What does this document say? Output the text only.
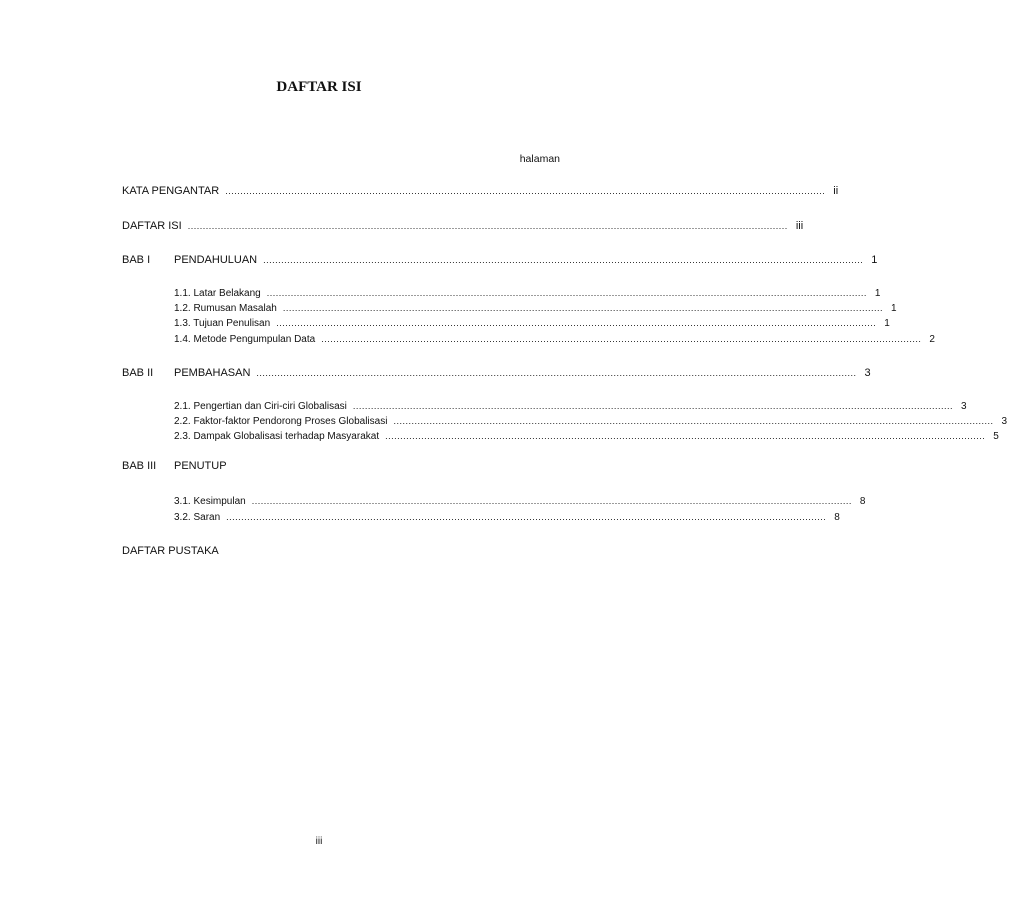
DAFTAR ISI
halaman
KATA PENGANTAR ........................................................................................................................................................................................................ ii
DAFTAR ISI ........................................................................................................................................................................................................ iii
BAB I	PENDAHULUAN ........................................................................................................................................................................................................ 1
1.1. Latar Belakang ........................................................................................................................................................................................................ 1
1.2. Rumusan Masalah ........................................................................................................................................................................................................ 1
1.3. Tujuan Penulisan ........................................................................................................................................................................................................ 1
1.4. Metode Pengumpulan Data ........................................................................................................................................................................................................ 2
BAB II	PEMBAHASAN ........................................................................................................................................................................................................ 3
2.1. Pengertian dan Ciri-ciri Globalisasi ........................................................................................................................................................................................................ 3
2.2. Faktor-faktor Pendorong Proses Globalisasi ........................................................................................................................................................................................................ 3
2.3. Dampak Globalisasi terhadap Masyarakat ........................................................................................................................................................................................................ 5
BAB III	PENUTUP
3.1. Kesimpulan ........................................................................................................................................................................................................ 8
3.2. Saran ........................................................................................................................................................................................................ 8
DAFTAR PUSTAKA
iii
